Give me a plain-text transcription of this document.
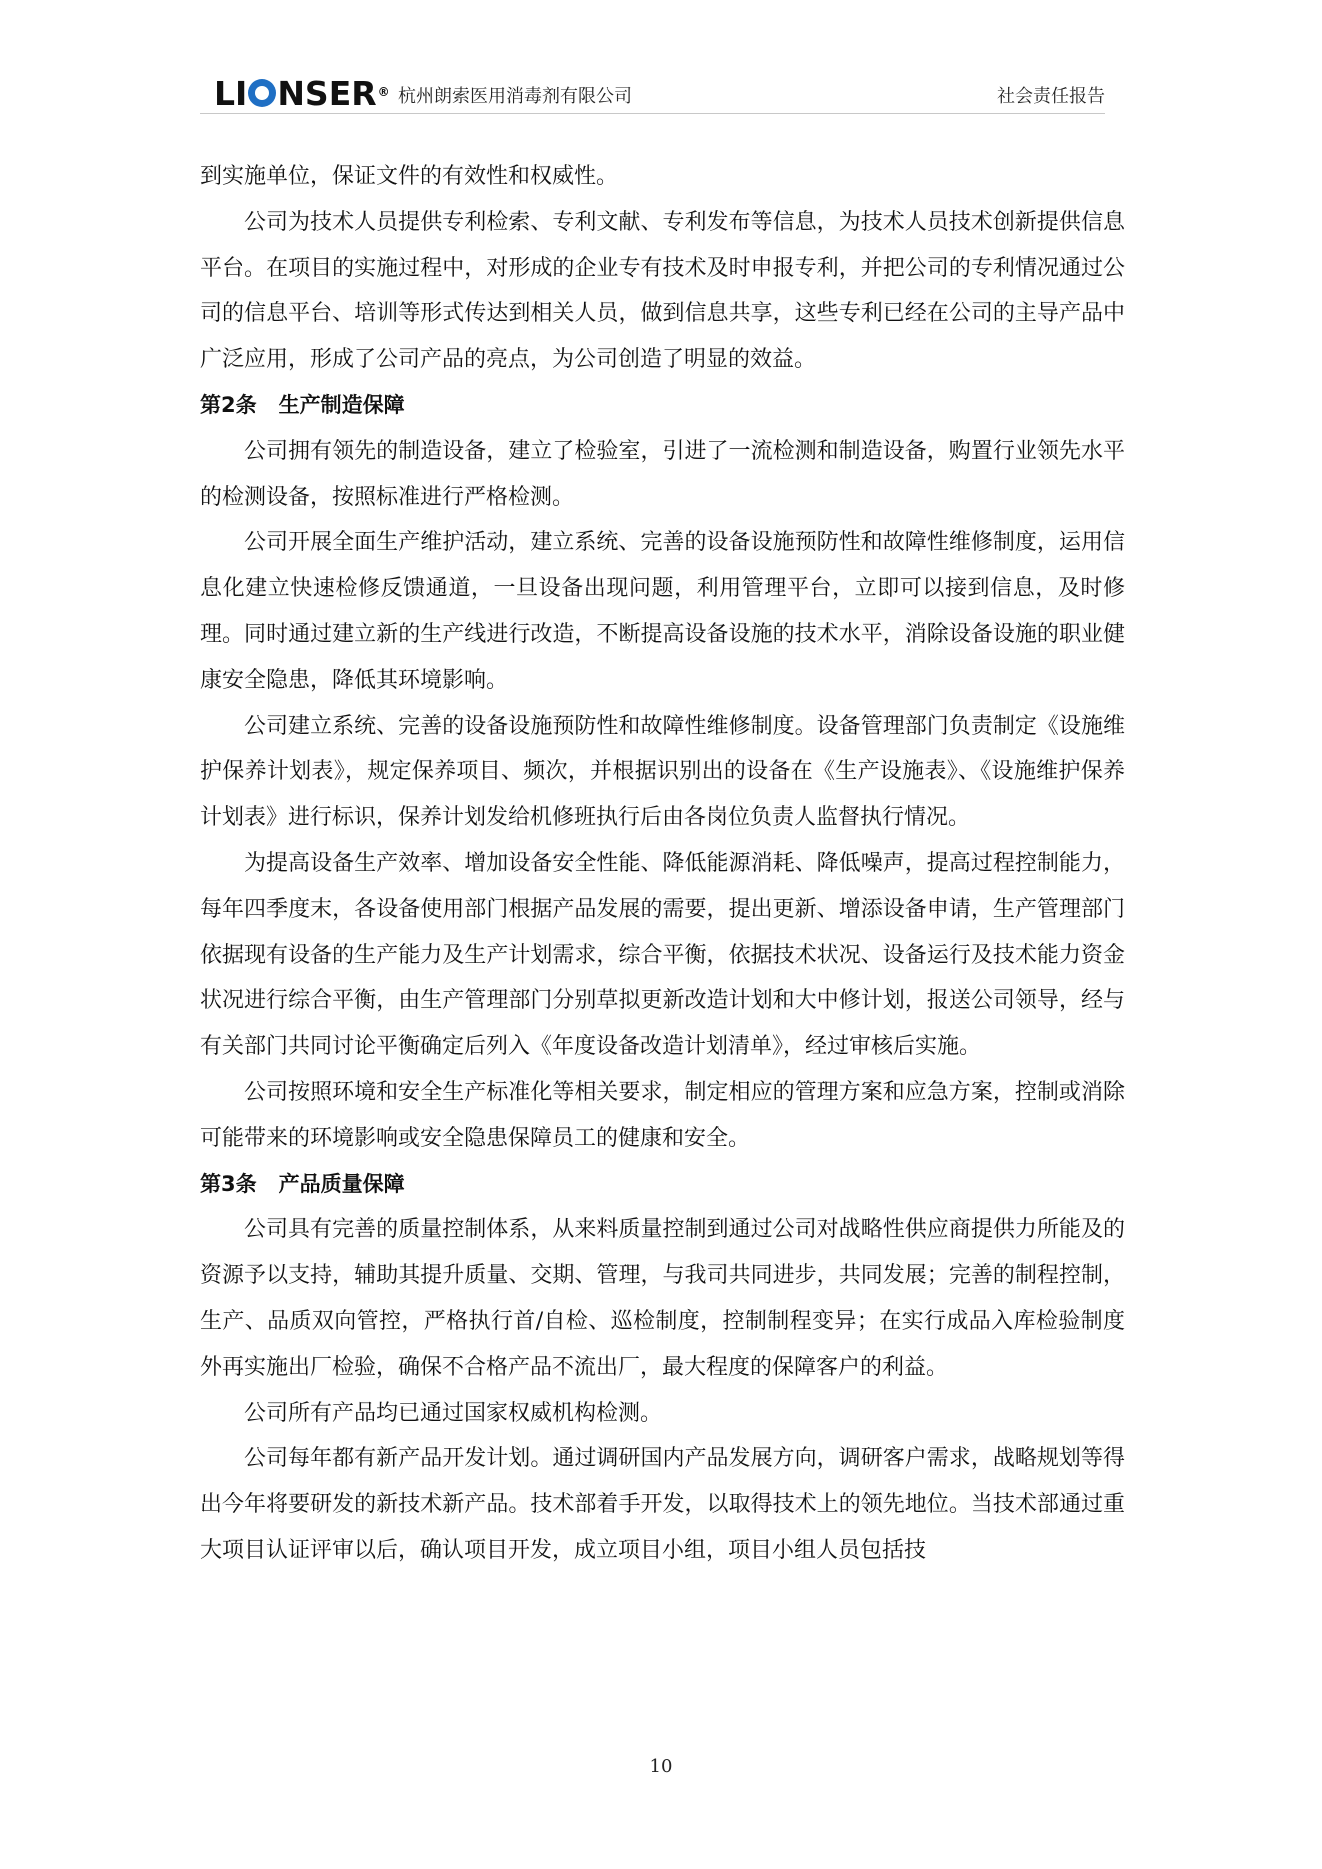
LI NSER® 杭州朗索医用消毒剂有限公司	社会责任报告

到实施单位，保证文件的有效性和权威性。

公司为技术人员提供专利检索、专利文献、专利发布等信息，为技术人员技术创新提供信息平台。在项目的实施过程中，对形成的企业专有技术及时申报专利，并把公司的专利情况通过公司的信息平台、培训等形式传达到相关人员，做到信息共享，这些专利已经在公司的主导产品中广泛应用，形成了公司产品的亮点，为公司创造了明显的效益。

第2条 生产制造保障

公司拥有领先的制造设备，建立了检验室，引进了一流检测和制造设备，购置行业领先水平的检测设备，按照标准进行严格检测。

公司开展全面生产维护活动，建立系统、完善的设备设施预防性和故障性维修制度，运用信息化建立快速检修反馈通道，一旦设备出现问题，利用管理平台，立即可以接到信息，及时修理。同时通过建立新的生产线进行改造，不断提高设备设施的技术水平，消除设备设施的职业健康安全隐患，降低其环境影响。

公司建立系统、完善的设备设施预防性和故障性维修制度。设备管理部门负责制定《设施维护保养计划表》，规定保养项目、频次，并根据识别出的设备在《生产设施表》、《设施维护保养计划表》进行标识，保养计划发给机修班执行后由各岗位负责人监督执行情况。

为提高设备生产效率、增加设备安全性能、降低能源消耗、降低噪声，提高过程控制能力，每年四季度末，各设备使用部门根据产品发展的需要，提出更新、增添设备申请，生产管理部门依据现有设备的生产能力及生产计划需求，综合平衡，依据技术状况、设备运行及技术能力资金状况进行综合平衡，由生产管理部门分别草拟更新改造计划和大中修计划，报送公司领导，经与有关部门共同讨论平衡确定后列入《年度设备改造计划清单》，经过审核后实施。

公司按照环境和安全生产标准化等相关要求，制定相应的管理方案和应急方案，控制或消除可能带来的环境影响或安全隐患保障员工的健康和安全。

第3条 产品质量保障

公司具有完善的质量控制体系，从来料质量控制到通过公司对战略性供应商提供力所能及的资源予以支持，辅助其提升质量、交期、管理，与我司共同进步，共同发展；完善的制程控制，生产、品质双向管控，严格执行首/自检、巡检制度，控制制程变异；在实行成品入库检验制度外再实施出厂检验，确保不合格产品不流出厂，最大程度的保障客户的利益。

公司所有产品均已通过国家权威机构检测。

公司每年都有新产品开发计划。通过调研国内产品发展方向，调研客户需求，战略规划等得出今年将要研发的新技术新产品。技术部着手开发，以取得技术上的领先地位。当技术部通过重大项目认证评审以后，确认项目开发，成立项目小组，项目小组人员包括技

10
